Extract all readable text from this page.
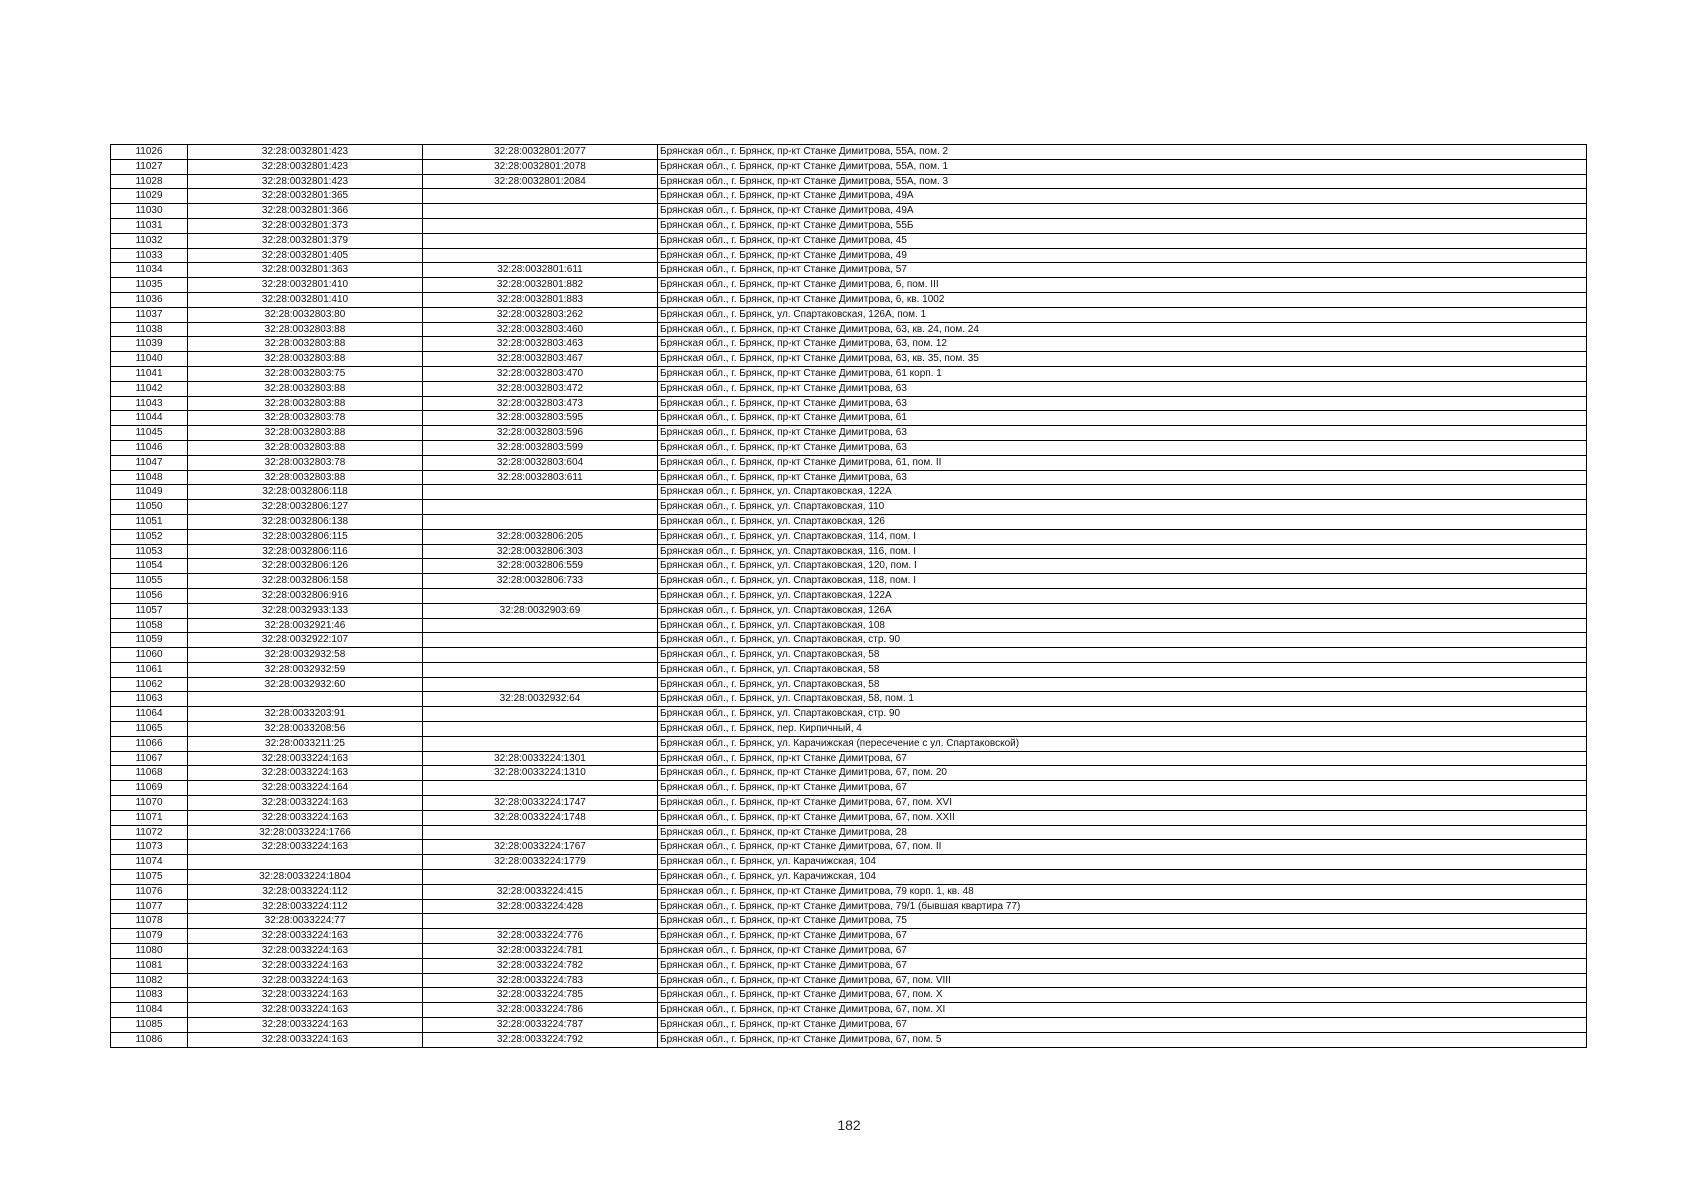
11026	32:28:0032801:423	32:28:0032801:2077	Брянская обл., г. Брянск, пр-кт Станке Димитрова, 55А, пом. 2
11027	32:28:0032801:423	32:28:0032801:2078	Брянская обл., г. Брянск, пр-кт Станке Димитрова, 55А, пом. 1
11028	32:28:0032801:423	32:28:0032801:2084	Брянская обл., г. Брянск, пр-кт Станке Димитрова, 55А, пом. 3
11029	32:28:0032801:365		Брянская обл., г. Брянск, пр-кт Станке Димитрова, 49А
11030	32:28:0032801:366		Брянская обл., г. Брянск, пр-кт Станке Димитрова, 49А
11031	32:28:0032801:373		Брянская обл., г. Брянск, пр-кт Станке Димитрова, 55Б
11032	32:28:0032801:379		Брянская обл., г. Брянск, пр-кт Станке Димитрова, 45
11033	32:28:0032801:405		Брянская обл., г. Брянск, пр-кт Станке Димитрова, 49
11034	32:28:0032801:363	32:28:0032801:611	Брянская обл., г. Брянск, пр-кт Станке Димитрова, 57
11035	32:28:0032801:410	32:28:0032801:882	Брянская обл., г. Брянск, пр-кт Станке Димитрова, 6, пом. III
11036	32:28:0032801:410	32:28:0032801:883	Брянская обл., г. Брянск, пр-кт Станке Димитрова, 6, кв. 1002
11037	32:28:0032803:80	32:28:0032803:262	Брянская обл., г. Брянск, ул. Спартаковская, 126А, пом. 1
11038	32:28:0032803:88	32:28:0032803:460	Брянская обл., г. Брянск, пр-кт Станке Димитрова, 63, кв. 24, пом. 24
11039	32:28:0032803:88	32:28:0032803:463	Брянская обл., г. Брянск, пр-кт Станке Димитрова, 63, пом. 12
11040	32:28:0032803:88	32:28:0032803:467	Брянская обл., г. Брянск, пр-кт Станке Димитрова, 63, кв. 35, пом. 35
11041	32:28:0032803:75	32:28:0032803:470	Брянская обл., г. Брянск, пр-кт Станке Димитрова, 61 корп. 1
11042	32:28:0032803:88	32:28:0032803:472	Брянская обл., г. Брянск, пр-кт Станке Димитрова, 63
11043	32:28:0032803:88	32:28:0032803:473	Брянская обл., г. Брянск, пр-кт Станке Димитрова, 63
11044	32:28:0032803:78	32:28:0032803:595	Брянская обл., г. Брянск, пр-кт Станке Димитрова, 61
11045	32:28:0032803:88	32:28:0032803:596	Брянская обл., г. Брянск, пр-кт Станке Димитрова, 63
11046	32:28:0032803:88	32:28:0032803:599	Брянская обл., г. Брянск, пр-кт Станке Димитрова, 63
11047	32:28:0032803:78	32:28:0032803:604	Брянская обл., г. Брянск, пр-кт Станке Димитрова, 61, пом. II
11048	32:28:0032803:88	32:28:0032803:611	Брянская обл., г. Брянск, пр-кт Станке Димитрова, 63
11049	32:28:0032806:118		Брянская обл., г. Брянск, ул. Спартаковская, 122А
11050	32:28:0032806:127		Брянская обл., г. Брянск, ул. Спартаковская, 110
11051	32:28:0032806:138		Брянская обл., г. Брянск, ул. Спартаковская, 126
11052	32:28:0032806:115	32:28:0032806:205	Брянская обл., г. Брянск, ул. Спартаковская, 114, пом. I
11053	32:28:0032806:116	32:28:0032806:303	Брянская обл., г. Брянск, ул. Спартаковская, 116, пом. I
11054	32:28:0032806:126	32:28:0032806:559	Брянская обл., г. Брянск, ул. Спартаковская, 120, пом. I
11055	32:28:0032806:158	32:28:0032806:733	Брянская обл., г. Брянск, ул. Спартаковская, 118, пом. I
11056	32:28:0032806:916		Брянская обл., г. Брянск, ул. Спартаковская, 122А
11057	32:28:0032933:133	32:28:0032903:69	Брянская обл., г. Брянск, ул. Спартаковская, 126А
11058	32:28:0032921:46		Брянская обл., г. Брянск, ул. Спартаковская, 108
11059	32:28:0032922:107		Брянская обл., г. Брянск, ул. Спартаковская, стр. 90
11060	32:28:0032932:58		Брянская обл., г. Брянск, ул. Спартаковская, 58
11061	32:28:0032932:59		Брянская обл., г. Брянск, ул. Спартаковская, 58
11062	32:28:0032932:60		Брянская обл., г. Брянск, ул. Спартаковская, 58
11063		32:28:0032932:64	Брянская обл., г. Брянск, ул. Спартаковская, 58, пом. 1
11064	32:28:0033203:91		Брянская обл., г. Брянск, ул. Спартаковская, стр. 90
11065	32:28:0033208:56		Брянская обл., г. Брянск, пер. Кирпичный, 4
11066	32:28:0033211:25		Брянская обл., г. Брянск, ул. Карачижская (пересечение с ул. Спартаковской)
11067	32:28:0033224:163	32:28:0033224:1301	Брянская обл., г. Брянск, пр-кт Станке Димитрова, 67
11068	32:28:0033224:163	32:28:0033224:1310	Брянская обл., г. Брянск, пр-кт Станке Димитрова, 67, пом. 20
11069	32:28:0033224:164		Брянская обл., г. Брянск, пр-кт Станке Димитрова, 67
11070	32:28:0033224:163	32:28:0033224:1747	Брянская обл., г. Брянск, пр-кт Станке Димитрова, 67, пом. XVI
11071	32:28:0033224:163	32:28:0033224:1748	Брянская обл., г. Брянск, пр-кт Станке Димитрова, 67, пом. XXII
11072	32:28:0033224:1766		Брянская обл., г. Брянск, пр-кт Станке Димитрова, 28
11073	32:28:0033224:163	32:28:0033224:1767	Брянская обл., г. Брянск, пр-кт Станке Димитрова, 67, пом. II
11074		32:28:0033224:1779	Брянская обл., г. Брянск, ул. Карачижская, 104
11075	32:28:0033224:1804		Брянская обл., г. Брянск, ул. Карачижская, 104
11076	32:28:0033224:112	32:28:0033224:415	Брянская обл., г. Брянск, пр-кт Станке Димитрова, 79 корп. 1, кв. 48
11077	32:28:0033224:112	32:28:0033224:428	Брянская обл., г. Брянск, пр-кт Станке Димитрова, 79/1 (бывшая квартира 77)
11078	32:28:0033224:77		Брянская обл., г. Брянск, пр-кт Станке Димитрова, 75
11079	32:28:0033224:163	32:28:0033224:776	Брянская обл., г. Брянск, пр-кт Станке Димитрова, 67
11080	32:28:0033224:163	32:28:0033224:781	Брянская обл., г. Брянск, пр-кт Станке Димитрова, 67
11081	32:28:0033224:163	32:28:0033224:782	Брянская обл., г. Брянск, пр-кт Станке Димитрова, 67
11082	32:28:0033224:163	32:28:0033224:783	Брянская обл., г. Брянск, пр-кт Станке Димитрова, 67, пом. VIII
11083	32:28:0033224:163	32:28:0033224:785	Брянская обл., г. Брянск, пр-кт Станке Димитрова, 67, пом. X
11084	32:28:0033224:163	32:28:0033224:786	Брянская обл., г. Брянск, пр-кт Станке Димитрова, 67, пом. XI
11085	32:28:0033224:163	32:28:0033224:787	Брянская обл., г. Брянск, пр-кт Станке Димитрова, 67
11086	32:28:0033224:163	32:28:0033224:792	Брянская обл., г. Брянск, пр-кт Станке Димитрова, 67, пом. 5
182
